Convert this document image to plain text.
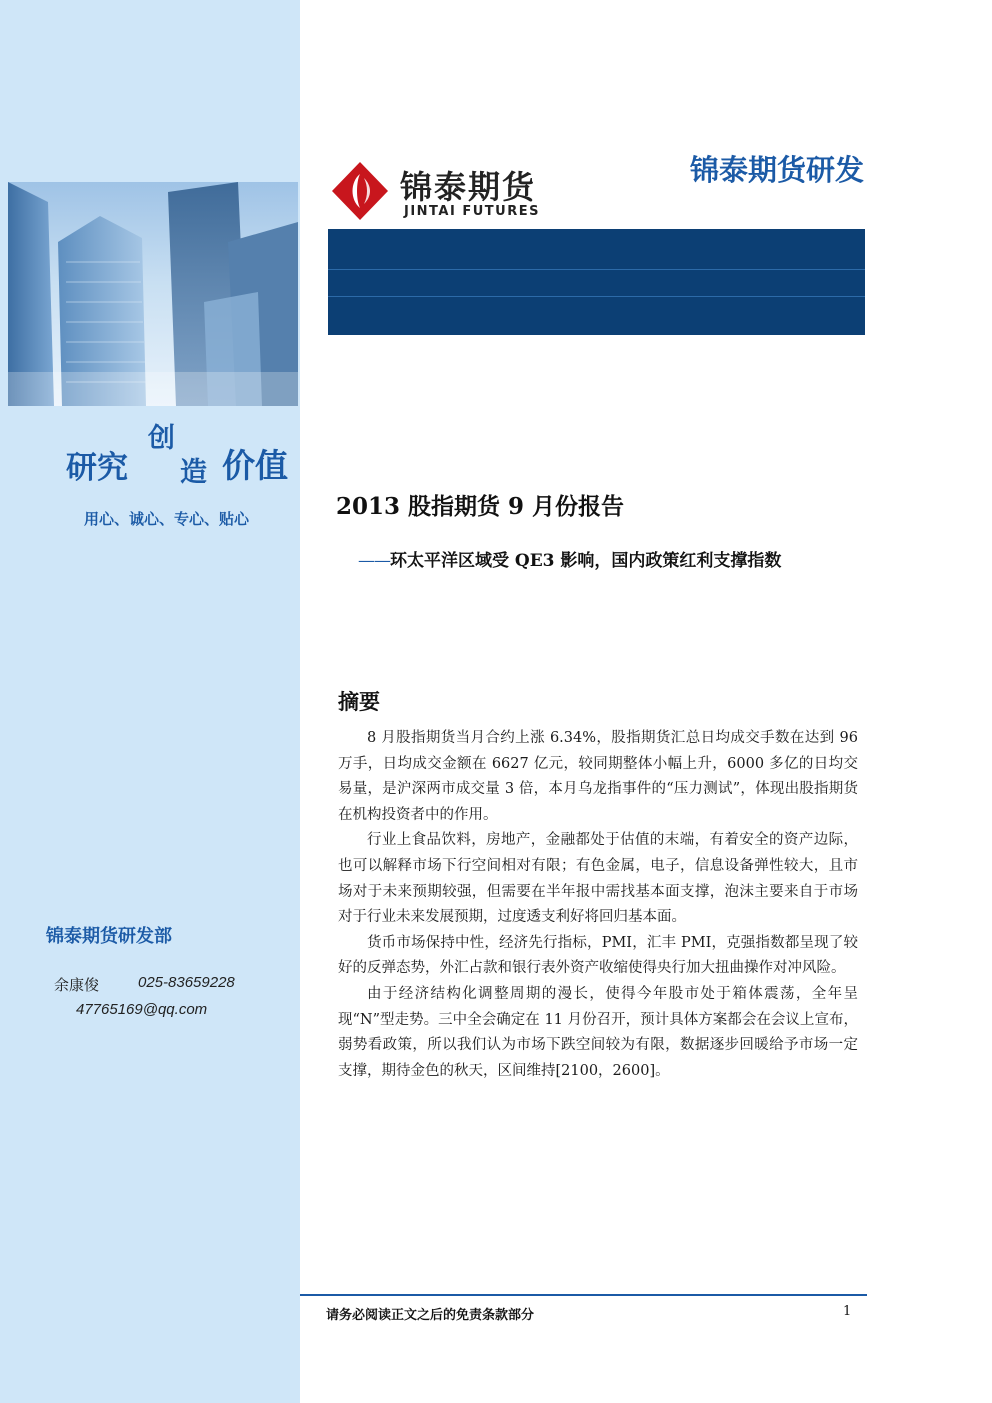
研究
创
造 价值
用心、诚心、专心、贴心
锦泰期货研发部
余康俊	025-83659228
47765169@qq.com
锦泰期货
JINTAI FUTURES
锦泰期货研发
2013 股指期货 9 月份报告
——环太平洋区域受 QE3 影响，国内政策红利支撑指数
摘要

8 月股指期货当月合约上涨 6.34%，股指期货汇总日均成交手数在达到 96 万手，日均成交金额在 6627 亿元，较同期整体小幅上升，6000 多亿的日均交易量，是沪深两市成交量 3 倍，本月乌龙指事件的“压力测试”，体现出股指期货在机构投资者中的作用。

行业上食品饮料，房地产，金融都处于估值的末端，有着安全的资产边际，也可以解释市场下行空间相对有限；有色金属，电子，信息设备弹性较大，且市场对于未来预期较强，但需要在半年报中需找基本面支撑，泡沫主要来自于市场对于行业未来发展预期，过度透支利好将回归基本面。

货币市场保持中性，经济先行指标，PMI，汇丰 PMI，克强指数都呈现了较好的反弹态势，外汇占款和银行表外资产收缩使得央行加大扭曲操作对冲风险。

由于经济结构化调整周期的漫长，使得今年股市处于箱体震荡，全年呈现“N”型走势。三中全会确定在 11 月份召开，预计具体方案都会在会议上宣布，弱势看政策，所以我们认为市场下跌空间较为有限，数据逐步回暖给予市场一定支撑，期待金色的秋天，区间维持[2100，2600]。

请务必阅读正文之后的免责条款部分	1
